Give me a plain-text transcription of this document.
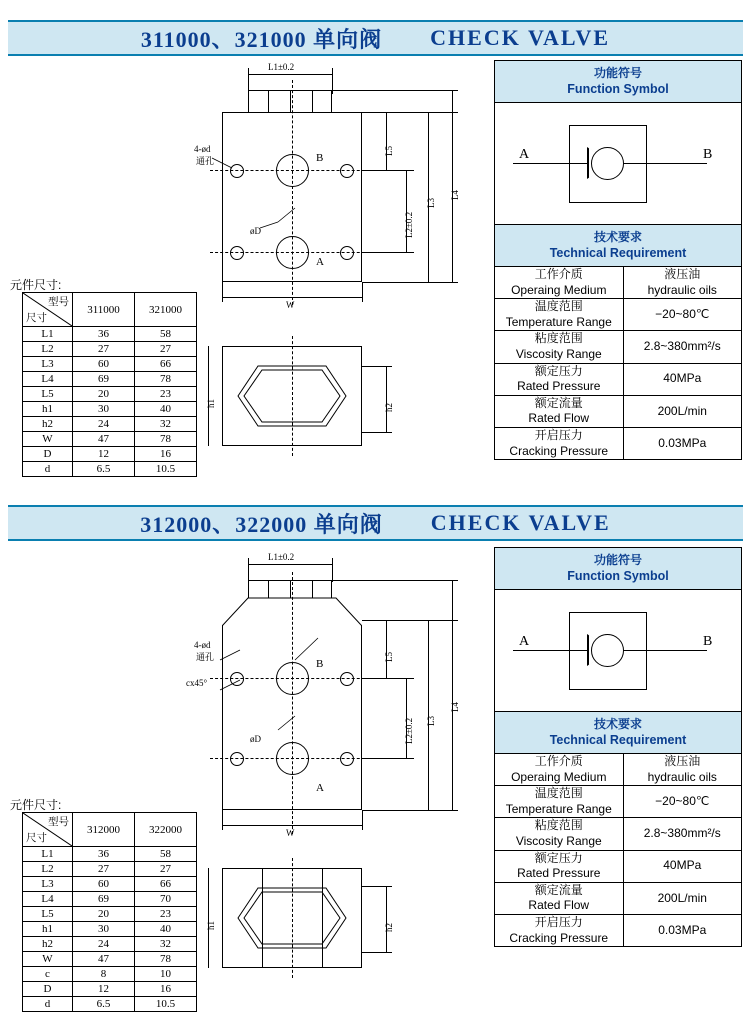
311000、321000 单向阀 CHECK VALVE
功能符号
Function Symbol	

A B	

技术要求
Technical Requirement	

工作介质
Operaing Medium	液压油
hydraulic oils

温度范围
Temperature Range	−20~80℃

粘度范围
Viscosity Range	2.8~380mm²/s

额定压力
Rated Pressure	40MPa

额定流量
Rated Flow	200L/min

开启压力
Cracking Pressure	0.03MPa
元件尺寸:
型号
尺寸	311000	321000
L1	36	58
L2	27	27
L3	60	66
L4	69	78
L5	20	23
h1	30	40
h2	24	32
W	47	78
D	12	16
d	6.5	10.5
4-ød
通孔
øD
B
A
L1±0.2
W
L5
L2±0.2
L3
L4
h1	h2
312000、322000 单向阀 CHECK VALVE
功能符号
Function Symbol	

A B	

技术要求
Technical Requirement	

工作介质
Operaing Medium	液压油
hydraulic oils

温度范围
Temperature Range	−20~80℃

粘度范围
Viscosity Range	2.8~380mm²/s

额定压力
Rated Pressure	40MPa

额定流量
Rated Flow	200L/min

开启压力
Cracking Pressure	0.03MPa
元件尺寸:
型号
尺寸	312000	322000
L1	36	58
L2	27	27
L3	60	66
L4	69	70
L5	20	23
h1	30	40
h2	24	32
W	47	78
c	8	10
D	12	16
d	6.5	10.5
4-ød
通孔
cx45°
øD
B
A
L1±0.2
W
L5
L2±0.2 L3
L4
h1	h2
